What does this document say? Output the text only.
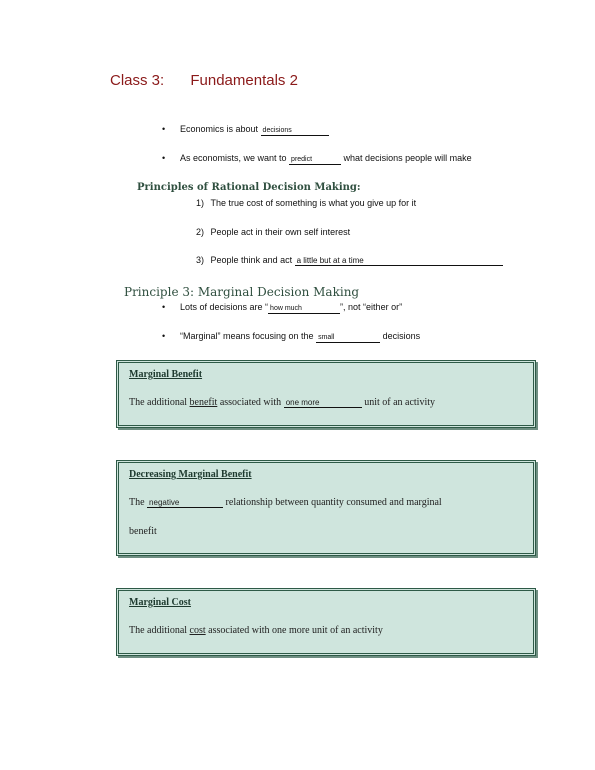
Class 3: Fundamentals 2
• Economics is about decisions
• As economists, we want to predict	what decisions people will make
Principles of Rational Decision Making:
1) The true cost of something is what you give up for it
2) People act in their own self interest
3) People think and act a little but at a time
Principle 3: Marginal Decision Making
• Lots of decisions are “ how much	”, not “either or”
• “Marginal” means focusing on the small	decisions
Marginal Benefit
The additional benefit associated with one more	unit of an activity
Decreasing Marginal Benefit
The negative	relationship between quantity consumed and marginal
benefit
Marginal Cost
The additional cost associated with one more unit of an activity
